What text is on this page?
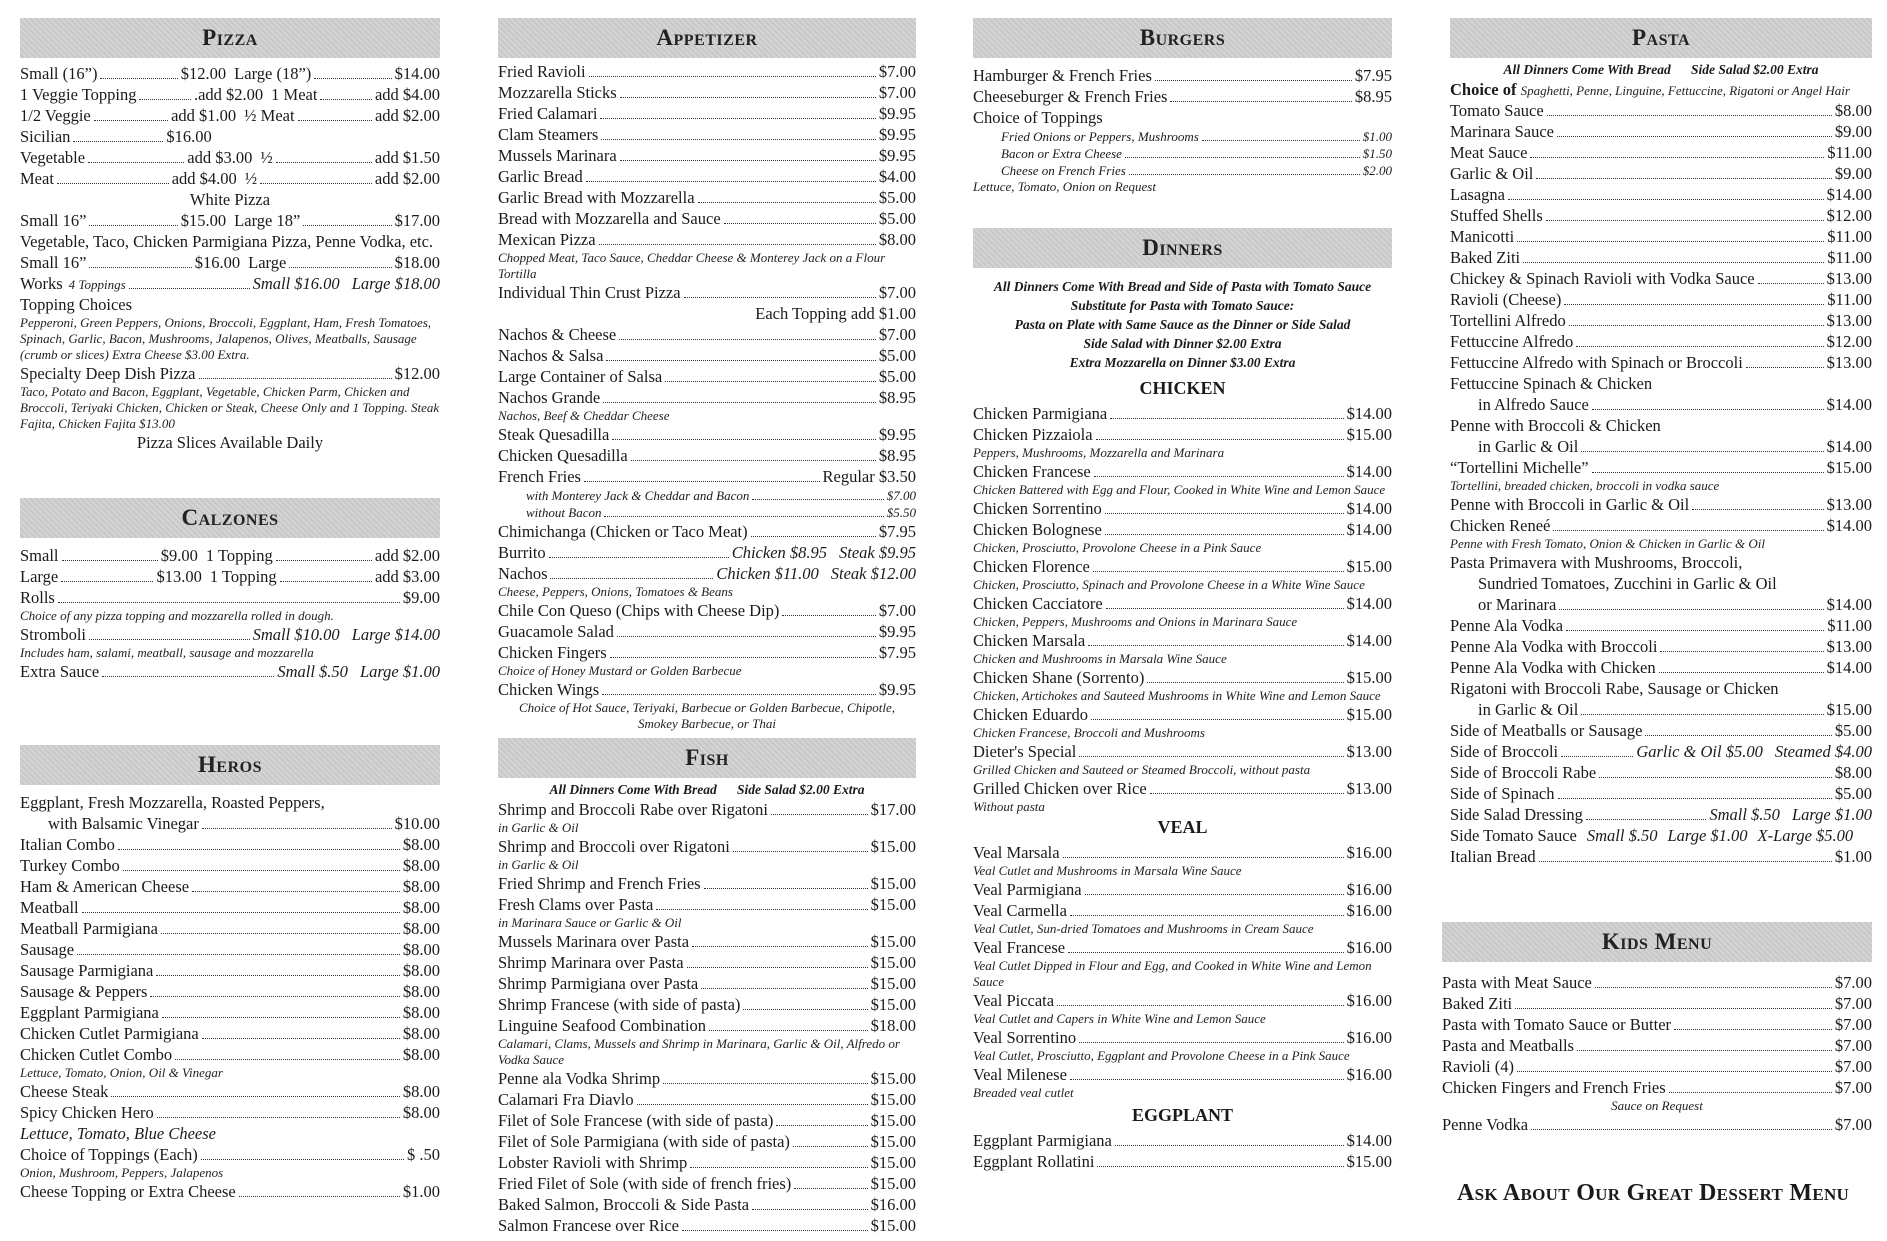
Pizza
Small (16”)	$12.00 Large (18”)	$14.00
1 Veggie Topping	.add $2.00 1 Meat	add $4.00
1/2 Veggie	add $1.00 ½ Meat	add $2.00
Sicilian	$16.00
Vegetable	add $3.00 ½	add $1.50
Meat	add $4.00 ½	add $2.00
White Pizza
Small 16”	$15.00 Large 18”	$17.00
Vegetable, Taco, Chicken Parmigiana Pizza, Penne Vodka, etc.
Small 16”	$16.00 Large	$18.00
Works 4 Toppings	Small $16.00 Large $18.00
Topping Choices
Pepperoni, Green Peppers, Onions, Broccoli, Eggplant, Ham, Fresh Tomatoes, Spinach, Garlic, Bacon, Mushrooms, Jalapenos, Olives, Meatballs, Sausage (crumb or slices) Extra Cheese $3.00 Extra.
Specialty Deep Dish Pizza	$12.00
Taco, Potato and Bacon, Eggplant, Vegetable, Chicken Parm, Chicken and Broccoli, Teriyaki Chicken, Chicken or Steak, Cheese Only and 1 Topping. Steak Fajita, Chicken Fajita $13.00
Pizza Slices Available Daily
Calzones
Small	$9.00 1 Topping	add $2.00
Large	$13.00 1 Topping	add $3.00
Rolls	$9.00
Choice of any pizza topping and mozzarella rolled in dough.
Stromboli	Small $10.00 Large $14.00
Includes ham, salami, meatball, sausage and mozzarella
Extra Sauce	Small $.50 Large $1.00
Heros
Eggplant, Fresh Mozzarella, Roasted Peppers,
with Balsamic Vinegar	$10.00
Italian Combo	$8.00
Turkey Combo	$8.00
Ham & American Cheese	$8.00
Meatball	$8.00
Meatball Parmigiana	$8.00
Sausage	$8.00
Sausage Parmigiana	$8.00
Sausage & Peppers	$8.00
Eggplant Parmigiana	$8.00
Chicken Cutlet Parmigiana	$8.00
Chicken Cutlet Combo	$8.00
Lettuce, Tomato, Onion, Oil & Vinegar
Cheese Steak	$8.00
Spicy Chicken Hero	$8.00
Lettuce, Tomato, Blue Cheese
Choice of Toppings (Each)	$ .50
Onion, Mushroom, Peppers, Jalapenos
Cheese Topping or Extra Cheese	$1.00
Appetizer
Fried Ravioli	$7.00
Mozzarella Sticks	$7.00
Fried Calamari	$9.95
Clam Steamers	$9.95
Mussels Marinara	$9.95
Garlic Bread	$4.00
Garlic Bread with Mozzarella	$5.00
Bread with Mozzarella and Sauce	$5.00
Mexican Pizza	$8.00
Chopped Meat, Taco Sauce, Cheddar Cheese & Monterey Jack on a Flour Tortilla
Individual Thin Crust Pizza	$7.00
Each Topping add $1.00
Nachos & Cheese	$7.00
Nachos & Salsa	$5.00
Large Container of Salsa	$5.00
Nachos Grande	$8.95
Nachos, Beef & Cheddar Cheese
Steak Quesadilla	$9.95
Chicken Quesadilla	$8.95
French Fries	Regular $3.50
with Monterey Jack & Cheddar and Bacon	$7.00
without Bacon	$5.50
Chimichanga (Chicken or Taco Meat)	$7.95
Burrito	Chicken $8.95 Steak $9.95
Nachos	Chicken $11.00 Steak $12.00
Cheese, Peppers, Onions, Tomatoes & Beans
Chile Con Queso (Chips with Cheese Dip)	$7.00
Guacamole Salad	$9.95
Chicken Fingers	$7.95
Choice of Honey Mustard or Golden Barbecue
Chicken Wings	$9.95
Choice of Hot Sauce, Teriyaki, Barbecue or Golden Barbecue, Chipotle, Smokey Barbecue, or Thai
Fish
All Dinners Come With Bread      Side Salad $2.00 Extra
Shrimp and Broccoli Rabe over Rigatoni	$17.00
in Garlic & Oil
Shrimp and Broccoli over Rigatoni	$15.00
in Garlic & Oil
Fried Shrimp and French Fries	$15.00
Fresh Clams over Pasta	$15.00
in Marinara Sauce or Garlic & Oil
Mussels Marinara over Pasta	$15.00
Shrimp Marinara over Pasta	$15.00
Shrimp Parmigiana over Pasta	$15.00
Shrimp Francese (with side of pasta)	$15.00
Linguine Seafood Combination	$18.00
Calamari, Clams, Mussels and Shrimp in Marinara, Garlic & Oil, Alfredo or Vodka Sauce
Penne ala Vodka Shrimp	$15.00
Calamari Fra Diavlo	$15.00
Filet of Sole Francese (with side of pasta)	$15.00
Filet of Sole Parmigiana (with side of pasta)	$15.00
Lobster Ravioli with Shrimp	$15.00
Fried Filet of Sole (with side of french fries)	$15.00
Baked Salmon, Broccoli & Side Pasta	$16.00
Salmon Francese over Rice	$15.00
Burgers
Hamburger & French Fries	$7.95
Cheeseburger & French Fries	$8.95
Choice of Toppings
Fried Onions or Peppers, Mushrooms	$1.00
Bacon or Extra Cheese	$1.50
Cheese on French Fries	$2.00
Lettuce, Tomato, Onion on Request
Dinners
All Dinners Come With Bread and Side of Pasta with Tomato Sauce
Substitute for Pasta with Tomato Sauce:
Pasta on Plate with Same Sauce as the Dinner or Side Salad
Side Salad with Dinner $2.00 Extra
Extra Mozzarella on Dinner $3.00 Extra
CHICKEN
Chicken Parmigiana	$14.00
Chicken Pizzaiola	$15.00
Peppers, Mushrooms, Mozzarella and Marinara
Chicken Francese	$14.00
Chicken Battered with Egg and Flour, Cooked in White Wine and Lemon Sauce
Chicken Sorrentino	$14.00
Chicken Bolognese	$14.00
Chicken, Prosciutto, Provolone Cheese in a Pink Sauce
Chicken Florence	$15.00
Chicken, Prosciutto, Spinach and Provolone Cheese in a White Wine Sauce
Chicken Cacciatore	$14.00
Chicken, Peppers, Mushrooms and Onions in Marinara Sauce
Chicken Marsala	$14.00
Chicken and Mushrooms in Marsala Wine Sauce
Chicken Shane (Sorrento)	$15.00
Chicken, Artichokes and Sauteed Mushrooms in White Wine and Lemon Sauce
Chicken Eduardo	$15.00
Chicken Francese, Broccoli and Mushrooms
Dieter's Special	$13.00
Grilled Chicken and Sauteed or Steamed Broccoli, without pasta
Grilled Chicken over Rice	$13.00
Without pasta
VEAL
Veal Marsala	$16.00
Veal Cutlet and Mushrooms in Marsala Wine Sauce
Veal Parmigiana	$16.00
Veal Carmella	$16.00
Veal Cutlet, Sun-dried Tomatoes and Mushrooms in Cream Sauce
Veal Francese	$16.00
Veal Cutlet Dipped in Flour and Egg, and Cooked in White Wine and Lemon Sauce
Veal Piccata	$16.00
Veal Cutlet and Capers in White Wine and Lemon Sauce
Veal Sorrentino	$16.00
Veal Cutlet, Prosciutto, Eggplant and Provolone Cheese in a Pink Sauce
Veal Milenese	$16.00
Breaded veal cutlet
EGGPLANT
Eggplant Parmigiana	$14.00
Eggplant Rollatini	$15.00
Pasta
All Dinners Come With Bread      Side Salad $2.00 Extra
Choice of Spaghetti, Penne, Linguine, Fettuccine, Rigatoni or Angel Hair
Tomato Sauce	$8.00
Marinara Sauce	$9.00
Meat Sauce	$11.00
Garlic & Oil	$9.00
Lasagna	$14.00
Stuffed Shells	$12.00
Manicotti	$11.00
Baked Ziti	$11.00
Chickey & Spinach Ravioli with Vodka Sauce	$13.00
Ravioli (Cheese)	$11.00
Tortellini Alfredo	$13.00
Fettuccine Alfredo	$12.00
Fettuccine Alfredo with Spinach or Broccoli	$13.00
Fettuccine Spinach & Chicken
in Alfredo Sauce	$14.00
Penne with Broccoli & Chicken
in Garlic & Oil	$14.00
“Tortellini Michelle”	$15.00
Tortellini, breaded chicken, broccoli in vodka sauce
Penne with Broccoli in Garlic & Oil	$13.00
Chicken Reneé	$14.00
Penne with Fresh Tomato, Onion & Chicken in Garlic & Oil
Pasta Primavera with Mushrooms, Broccoli,
Sundried Tomatoes, Zucchini in Garlic & Oil
or Marinara	$14.00
Penne Ala Vodka	$11.00
Penne Ala Vodka with Broccoli	$13.00
Penne Ala Vodka with Chicken	$14.00
Rigatoni with Broccoli Rabe, Sausage or Chicken
in Garlic & Oil	$15.00
Side of Meatballs or Sausage	$5.00
Side of Broccoli	Garlic & Oil $5.00 Steamed $4.00
Side of Broccoli Rabe	$8.00
Side of Spinach	$5.00
Side Salad Dressing	Small $.50 Large $1.00
Side Tomato Sauce Small $.50 Large $1.00 X-Large $5.00
Italian Bread	$1.00
Kids Menu
Pasta with Meat Sauce	$7.00
Baked Ziti	$7.00
Pasta with Tomato Sauce or Butter	$7.00
Pasta and Meatballs	$7.00
Ravioli (4)	$7.00
Chicken Fingers and French Fries	$7.00
Sauce on Request
Penne Vodka	$7.00
Ask About Our Great Dessert Menu
